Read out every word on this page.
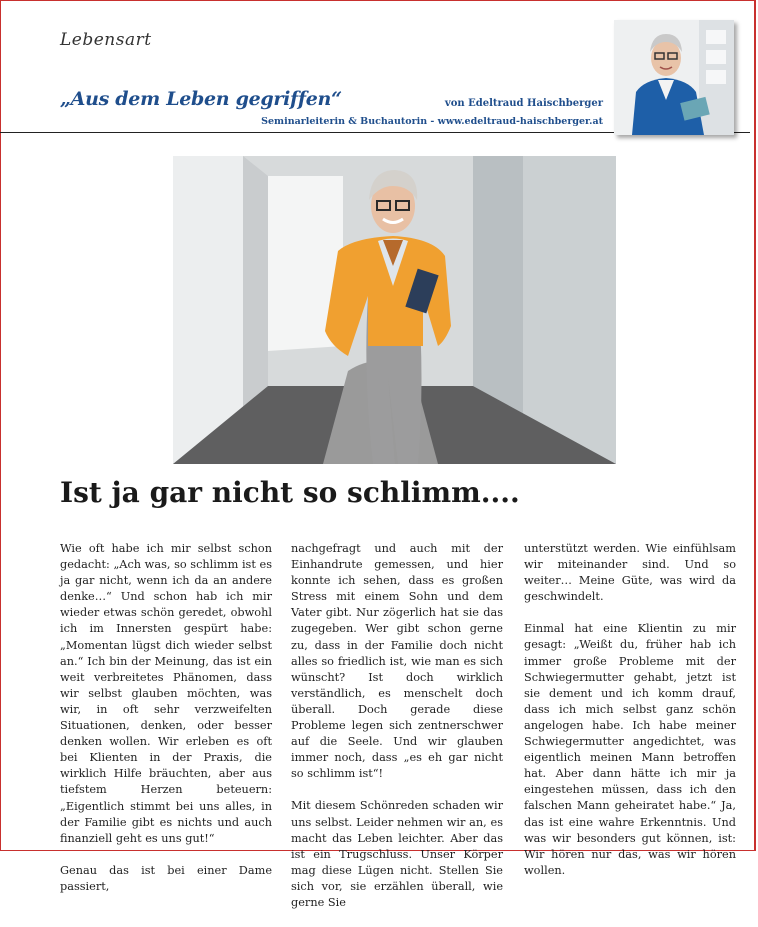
Lebensart
„Aus dem Leben gegriffen“	von Edeltraud Haischberger
Seminarleiterin & Buchautorin - www.edeltraud-haischberger.at
Ist ja gar nicht so schlimm....

Wie oft habe ich mir selbst schon gedacht: „Ach was, so schlimm ist es ja gar nicht, wenn ich da an andere denke…“ Und schon hab ich mir wieder etwas schön geredet, obwohl ich im Innersten gespürt habe: „Momentan lügst dich wieder selbst an.“ Ich bin der Meinung, das ist ein weit verbreitetes Phänomen, dass wir selbst glauben möchten, was wir, in oft sehr verzweifelten Situationen, denken, oder besser denken wollen. Wir erleben es oft bei Klienten in der Praxis, die wirklich Hilfe bräuchten, aber aus tiefstem Herzen beteuern: „Eigentlich stimmt bei uns alles, in der Familie gibt es nichts und auch finanziell geht es uns gut!“

Genau das ist bei einer Dame passiert,

nachgefragt und auch mit der Einhandrute gemessen, und hier konnte ich sehen, dass es großen Stress mit einem Sohn und dem Vater gibt. Nur zögerlich hat sie das zugegeben. Wer gibt schon gerne zu, dass in der Familie doch nicht alles so friedlich ist, wie man es sich wünscht? Ist doch wirklich verständlich, es menschelt doch überall. Doch gerade diese Probleme legen sich zentnerschwer auf die Seele. Und wir glauben immer noch, dass „es eh gar nicht so schlimm ist“!

Mit diesem Schönreden schaden wir uns selbst. Leider nehmen wir an, es macht das Leben leichter. Aber das ist ein Trugschluss. Unser Körper mag diese Lügen nicht. Stellen Sie sich vor, sie erzählen überall, wie gerne Sie

unterstützt werden. Wie einfühlsam wir miteinander sind. Und so weiter… Meine Güte, was wird da geschwindelt.

Einmal hat eine Klientin zu mir gesagt: „Weißt du, früher hab ich immer große Probleme mit der Schwiegermutter gehabt, jetzt ist sie dement und ich komm drauf, dass ich mich selbst ganz schön angelogen habe. Ich habe meiner Schwiegermutter angedichtet, was eigentlich meinen Mann betroffen hat. Aber dann hätte ich mir ja eingestehen müssen, dass ich den falschen Mann geheiratet habe.“ Ja, das ist eine wahre Erkenntnis. Und was wir besonders gut können, ist: Wir hören nur das, was wir hören wollen.
